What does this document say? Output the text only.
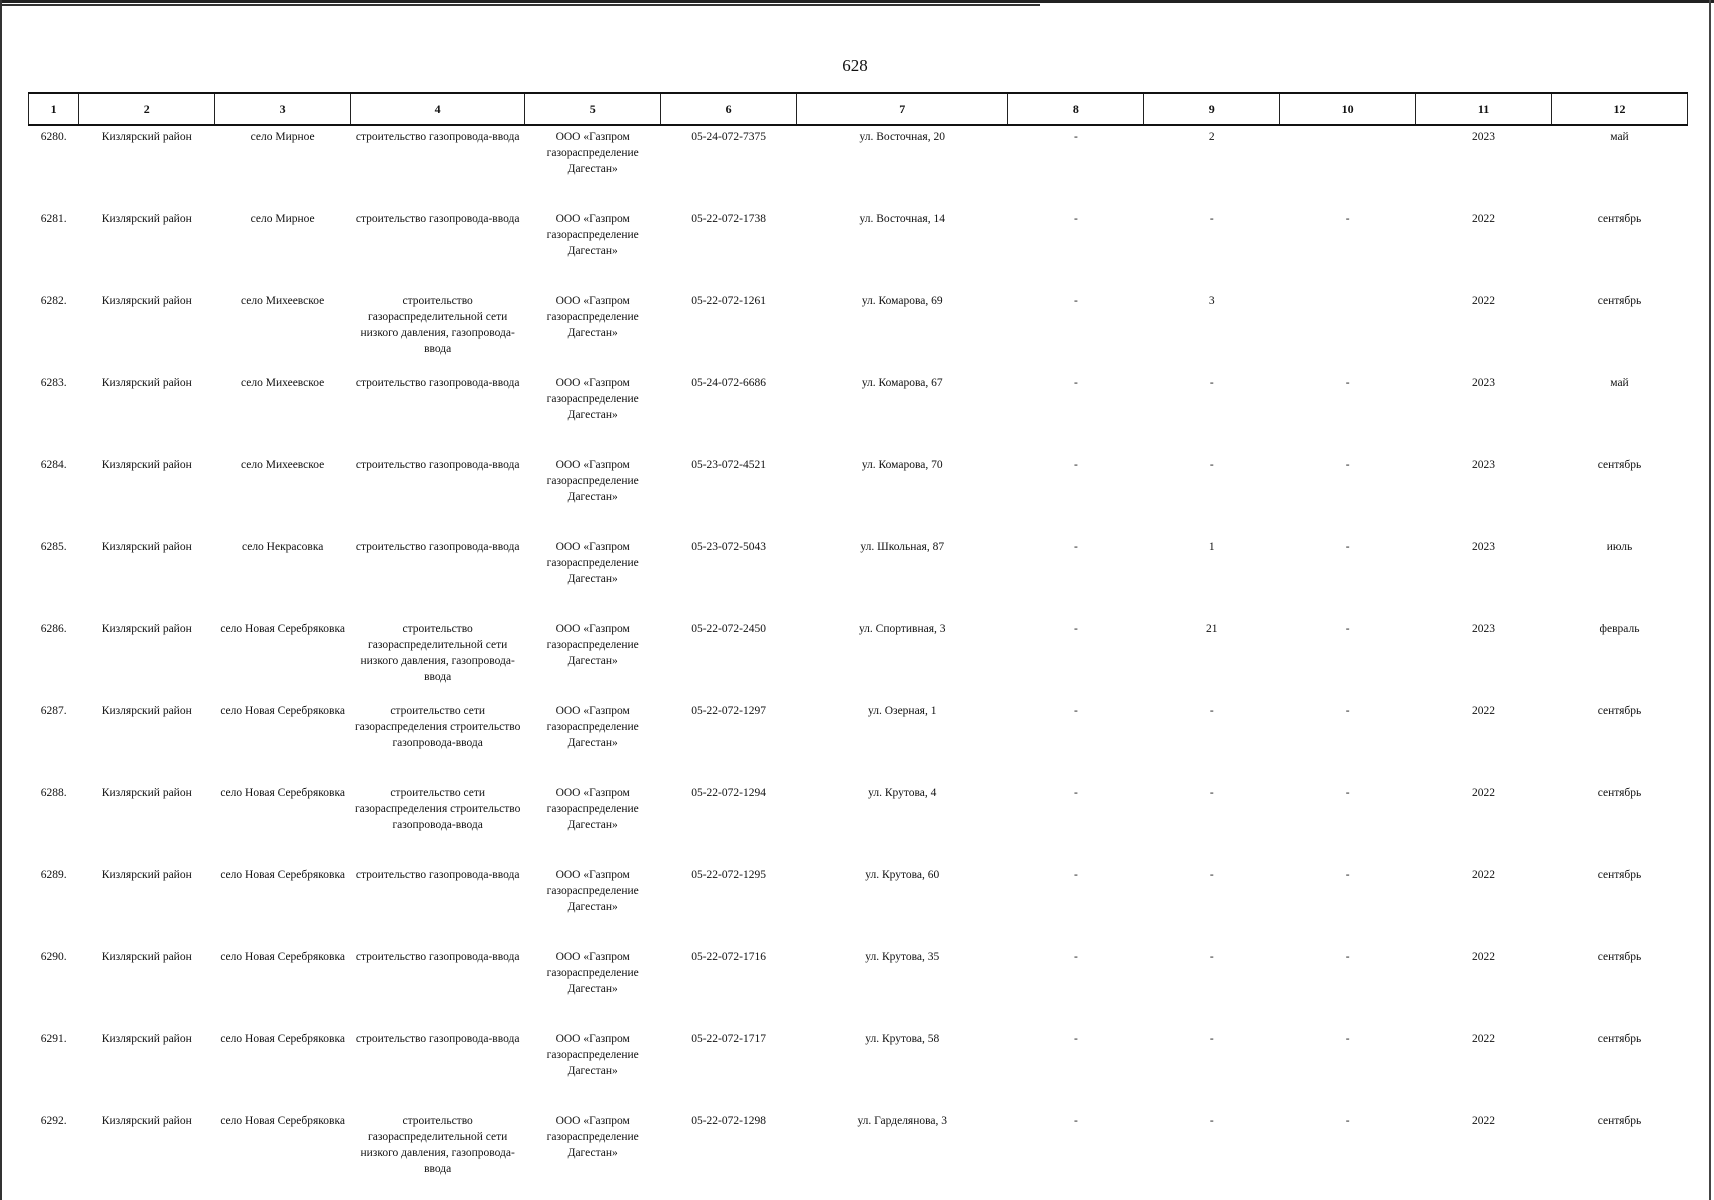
628
1	2	3	4	5	6	7	8	9	10	11	12
6280.	Кизлярский район	село Мирное	строительство газопровода-ввода	ООО «Газпром газораспределение Дагестан»	05-24-072-7375	ул. Восточная, 20	-	2		2023	май
6281.	Кизлярский район	село Мирное	строительство газопровода-ввода	ООО «Газпром газораспределение Дагестан»	05-22-072-1738	ул. Восточная, 14	-	-	-	2022	сентябрь
6282.	Кизлярский район	село Михеевское	строительство газораспределительной сети низкого давления, газопровода-ввода	ООО «Газпром газораспределение Дагестан»	05-22-072-1261	ул. Комарова, 69	-	3		2022	сентябрь
6283.	Кизлярский район	село Михеевское	строительство газопровода-ввода	ООО «Газпром газораспределение Дагестан»	05-24-072-6686	ул. Комарова, 67	-	-	-	2023	май
6284.	Кизлярский район	село Михеевское	строительство газопровода-ввода	ООО «Газпром газораспределение Дагестан»	05-23-072-4521	ул. Комарова, 70	-	-	-	2023	сентябрь
6285.	Кизлярский район	село Некрасовка	строительство газопровода-ввода	ООО «Газпром газораспределение Дагестан»	05-23-072-5043	ул. Школьная, 87	-	1	-	2023	июль
6286.	Кизлярский район	село Новая Серебряковка	строительство газораспределительной сети низкого давления, газопровода-ввода	ООО «Газпром газораспределение Дагестан»	05-22-072-2450	ул. Спортивная, 3	-	21	-	2023	февраль
6287.	Кизлярский район	село Новая Серебряковка	строительство сети газораспределения строительство газопровода-ввода	ООО «Газпром газораспределение Дагестан»	05-22-072-1297	ул. Озерная, 1	-	-	-	2022	сентябрь
6288.	Кизлярский район	село Новая Серебряковка	строительство сети газораспределения строительство газопровода-ввода	ООО «Газпром газораспределение Дагестан»	05-22-072-1294	ул. Крутова, 4	-	-	-	2022	сентябрь
6289.	Кизлярский район	село Новая Серебряковка	строительство газопровода-ввода	ООО «Газпром газораспределение Дагестан»	05-22-072-1295	ул. Крутова, 60	-	-	-	2022	сентябрь
6290.	Кизлярский район	село Новая Серебряковка	строительство газопровода-ввода	ООО «Газпром газораспределение Дагестан»	05-22-072-1716	ул. Крутова, 35	-	-	-	2022	сентябрь
6291.	Кизлярский район	село Новая Серебряковка	строительство газопровода-ввода	ООО «Газпром газораспределение Дагестан»	05-22-072-1717	ул. Крутова, 58	-	-	-	2022	сентябрь
6292.	Кизлярский район	село Новая Серебряковка	строительство газораспределительной сети низкого давления, газопровода-ввода	ООО «Газпром газораспределение Дагестан»	05-22-072-1298	ул. Гарделянова, 3	-	-	-	2022	сентябрь
